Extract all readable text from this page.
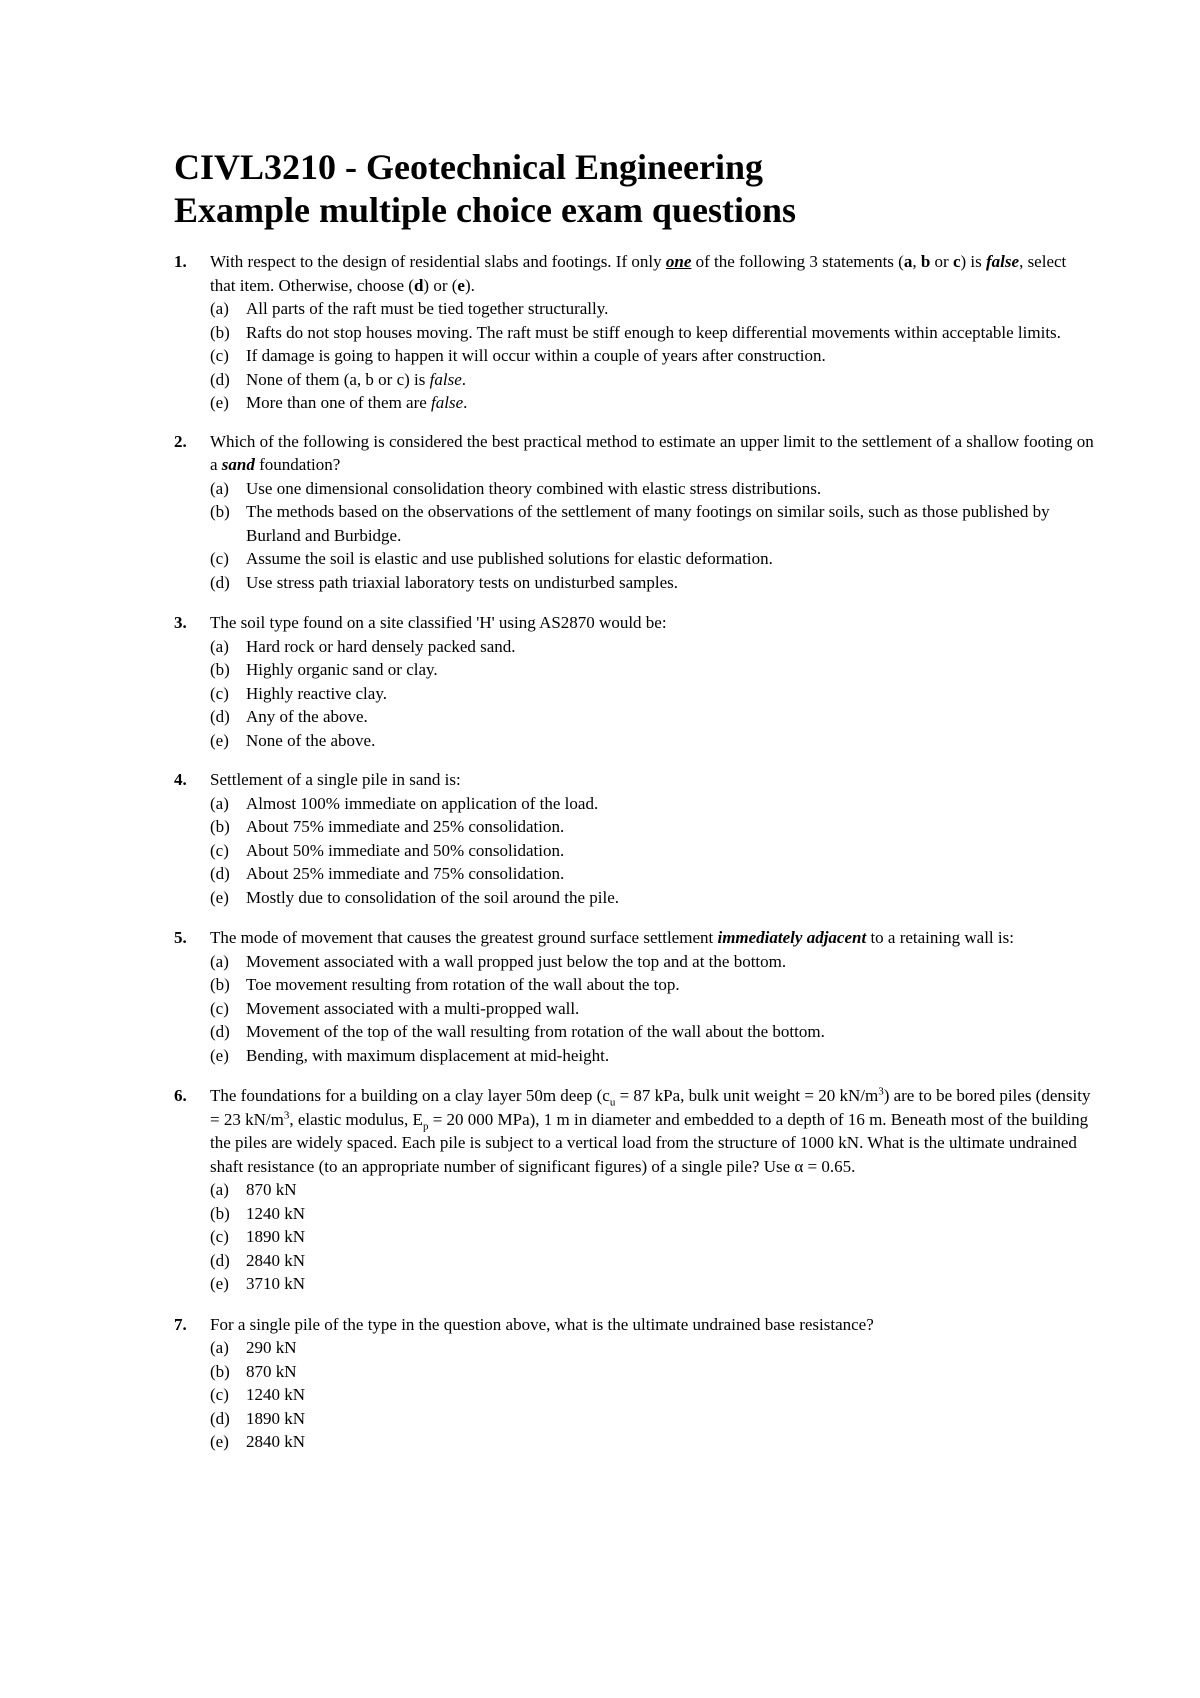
CIVL3210 - Geotechnical Engineering
Example multiple choice exam questions
1. With respect to the design of residential slabs and footings. If only one of the following 3 statements (a, b or c) is false, select that item. Otherwise, choose (d) or (e).
(a) All parts of the raft must be tied together structurally.
(b) Rafts do not stop houses moving. The raft must be stiff enough to keep differential movements within acceptable limits.
(c) If damage is going to happen it will occur within a couple of years after construction.
(d) None of them (a, b or c) is false.
(e) More than one of them are false.
2. Which of the following is considered the best practical method to estimate an upper limit to the settlement of a shallow footing on a sand foundation?
(a) Use one dimensional consolidation theory combined with elastic stress distributions.
(b) The methods based on the observations of the settlement of many footings on similar soils, such as those published by Burland and Burbidge.
(c) Assume the soil is elastic and use published solutions for elastic deformation.
(d) Use stress path triaxial laboratory tests on undisturbed samples.
3. The soil type found on a site classified 'H' using AS2870 would be:
(a) Hard rock or hard densely packed sand.
(b) Highly organic sand or clay.
(c) Highly reactive clay.
(d) Any of the above.
(e) None of the above.
4. Settlement of a single pile in sand is:
(a) Almost 100% immediate on application of the load.
(b) About 75% immediate and 25% consolidation.
(c) About 50% immediate and 50% consolidation.
(d) About 25% immediate and 75% consolidation.
(e) Mostly due to consolidation of the soil around the pile.
5. The mode of movement that causes the greatest ground surface settlement immediately adjacent to a retaining wall is:
(a) Movement associated with a wall propped just below the top and at the bottom.
(b) Toe movement resulting from rotation of the wall about the top.
(c) Movement associated with a multi-propped wall.
(d) Movement of the top of the wall resulting from rotation of the wall about the bottom.
(e) Bending, with maximum displacement at mid-height.
6. The foundations for a building on a clay layer 50m deep ($c_u = 87$ kPa, bulk unit weight = 20 $kN/m^3$) are to be bored piles (density = 23 $kN/m^3$, elastic modulus, $E_p = 20$ 000 MPa), 1 m in diameter and embedded to a depth of 16 m. Beneath most of the building the piles are widely spaced. Each pile is subject to a vertical load from the structure of 1000 kN. What is the ultimate undrained shaft resistance (to an appropriate number of significant figures) of a single pile? Use α = 0.65.
(a) 870 kN
(b) 1240 kN
(c) 1890 kN
(d) 2840 kN
(e) 3710 kN
7. For a single pile of the type in the question above, what is the ultimate undrained base resistance?
(a) 290 kN
(b) 870 kN
(c) 1240 kN
(d) 1890 kN
(e) 2840 kN
